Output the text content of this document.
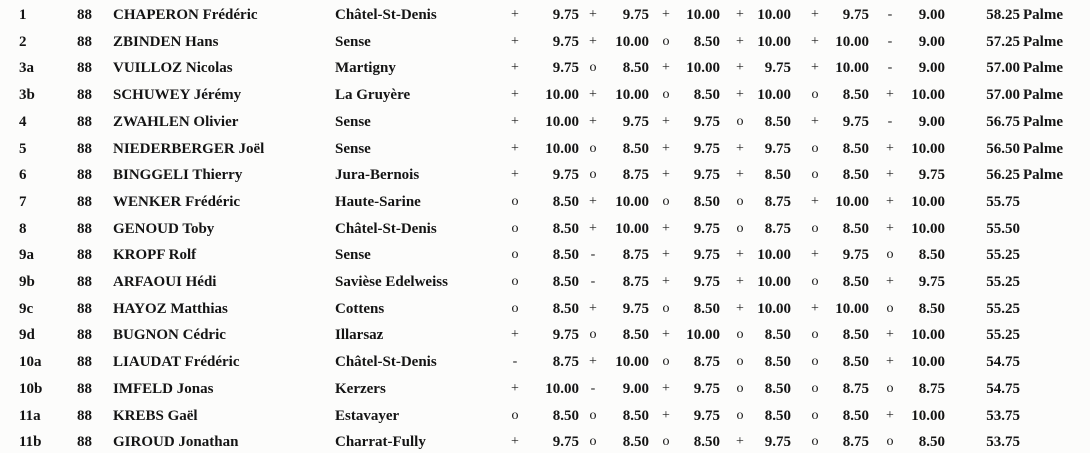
1	88 CHAPERON Frédéric	Châtel-St-Denis	+	9.75 +	9.75 +	10.00 + 10.00 +	9.75	-	9.00	58.25 Palme
2	88 ZBINDEN Hans	Sense	+	9.75 +	10.00 o	8.50 + 10.00 +	10.00	-	9.00	57.25 Palme
3a	88 VUILLOZ Nicolas	Martigny	+	9.75 o	8.50 +	10.00 +	9.75 +	10.00	-	9.00	57.00 Palme
3b	88 SCHUWEY Jérémy	La Gruyère	+	10.00 +	10.00 o	8.50 + 10.00 o	8.50 +	10.00	57.00 Palme
4	88 ZWAHLEN Olivier	Sense	+	10.00 +	9.75 +	9.75 o	8.50 +	9.75	-	9.00	56.75 Palme
5	88 NIEDERBERGER Joël	Sense	+	10.00 o	8.50 +	9.75 +	9.75 o	8.50 +	10.00	56.50 Palme
6	88 BINGGELI Thierry	Jura-Bernois	+	9.75 o	8.75 +	9.75 +	8.50 o	8.50 +	9.75	56.25 Palme
7	88 WENKER Frédéric	Haute-Sarine	o	8.50 +	10.00 o	8.50 o	8.75 +	10.00 +	10.00	55.75
8	88 GENOUD Toby	Châtel-St-Denis	o	8.50 +	10.00 +	9.75 o	8.75 o	8.50 +	10.00	55.50
9a	88 KROPF Rolf	Sense	o	8.50 -	8.75 +	9.75 + 10.00 +	9.75 o	8.50	55.25
9b	88 ARFAOUI Hédi	Savièse Edelweiss	o	8.50 -	8.75 +	9.75 + 10.00 o	8.50 +	9.75	55.25
9c	88 HAYOZ Matthias	Cottens	o	8.50 +	9.75 o	8.50 + 10.00 +	10.00 o	8.50	55.25
9d	88 BUGNON Cédric	Illarsaz	+	9.75 o	8.50 +	10.00 o	8.50 o	8.50 +	10.00	55.25
10a 88 LIAUDAT Frédéric	Châtel-St-Denis	-	8.75 +	10.00 o	8.75 o	8.50 o	8.50 +	10.00	54.75
10b 88 IMFELD Jonas	Kerzers	+	10.00 -	9.00 +	9.75 o	8.50 o	8.75 o	8.75	54.75
11a 88 KREBS Gaël	Estavayer	o	8.50 o	8.50 +	9.75 o	8.50 o	8.50 +	10.00	53.75
11b 88 GIROUD Jonathan	Charrat-Fully	+	9.75 o	8.50 o	8.50 +	9.75 o	8.75 o	8.50	53.75
